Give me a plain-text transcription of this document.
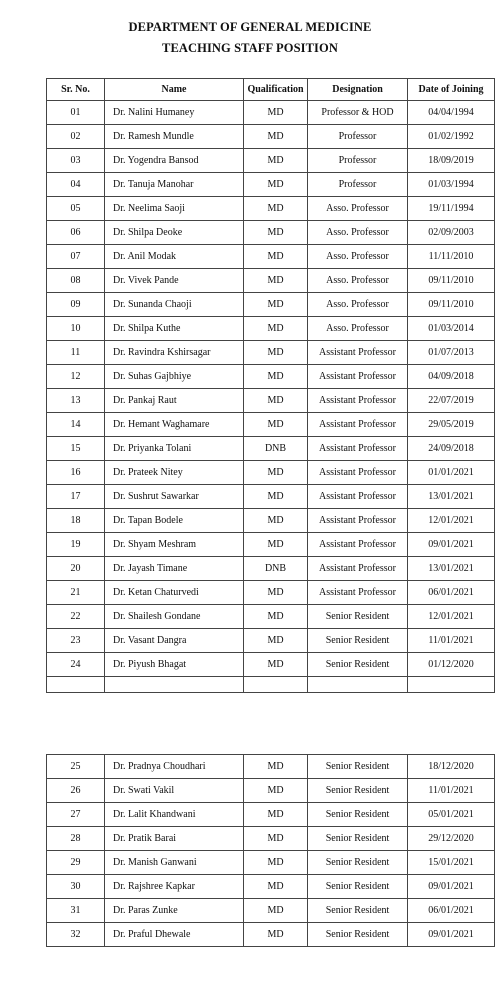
DEPARTMENT OF GENERAL MEDICINE
TEACHING STAFF POSITION
Sr. No.	Name	Qualification	Designation	Date of Joining
01	Dr. Nalini Humaney	MD	Professor & HOD	04/04/1994
02	Dr. Ramesh Mundle	MD	Professor	01/02/1992
03	Dr. Yogendra Bansod	MD	Professor	18/09/2019
04	Dr. Tanuja Manohar	MD	Professor	01/03/1994
05	Dr. Neelima Saoji	MD	Asso. Professor	19/11/1994
06	Dr. Shilpa Deoke	MD	Asso. Professor	02/09/2003
07	Dr. Anil Modak	MD	Asso. Professor	11/11/2010
08	Dr. Vivek Pande	MD	Asso. Professor	09/11/2010
09	Dr. Sunanda Chaoji	MD	Asso. Professor	09/11/2010
10	Dr. Shilpa Kuthe	MD	Asso. Professor	01/03/2014
11	Dr. Ravindra Kshirsagar	MD	Assistant Professor	01/07/2013
12	Dr. Suhas Gajbhiye	MD	Assistant Professor	04/09/2018
13	Dr. Pankaj Raut	MD	Assistant Professor	22/07/2019
14	Dr. Hemant Waghamare	MD	Assistant Professor	29/05/2019
15	Dr. Priyanka Tolani	DNB	Assistant Professor	24/09/2018
16	Dr. Prateek Nitey	MD	Assistant Professor	01/01/2021
17	Dr. Sushrut Sawarkar	MD	Assistant Professor	13/01/2021
18	Dr. Tapan Bodele	MD	Assistant Professor	12/01/2021
19	Dr. Shyam Meshram	MD	Assistant Professor	09/01/2021
20	Dr. Jayash Timane	DNB	Assistant Professor	13/01/2021
21	Dr. Ketan Chaturvedi	MD	Assistant Professor	06/01/2021
22	Dr. Shailesh Gondane	MD	Senior Resident	12/01/2021
23	Dr. Vasant Dangra	MD	Senior Resident	11/01/2021
24	Dr. Piyush Bhagat	MD	Senior Resident	01/12/2020

25	Dr. Pradnya Choudhari	MD	Senior Resident	18/12/2020
26	Dr. Swati Vakil	MD	Senior Resident	11/01/2021
27	Dr. Lalit Khandwani	MD	Senior Resident	05/01/2021
28	Dr. Pratik Barai	MD	Senior Resident	29/12/2020
29	Dr. Manish Ganwani	MD	Senior Resident	15/01/2021
30	Dr. Rajshree Kapkar	MD	Senior Resident	09/01/2021
31	Dr. Paras Zunke	MD	Senior Resident	06/01/2021
32	Dr. Praful Dhewale	MD	Senior Resident	09/01/2021
